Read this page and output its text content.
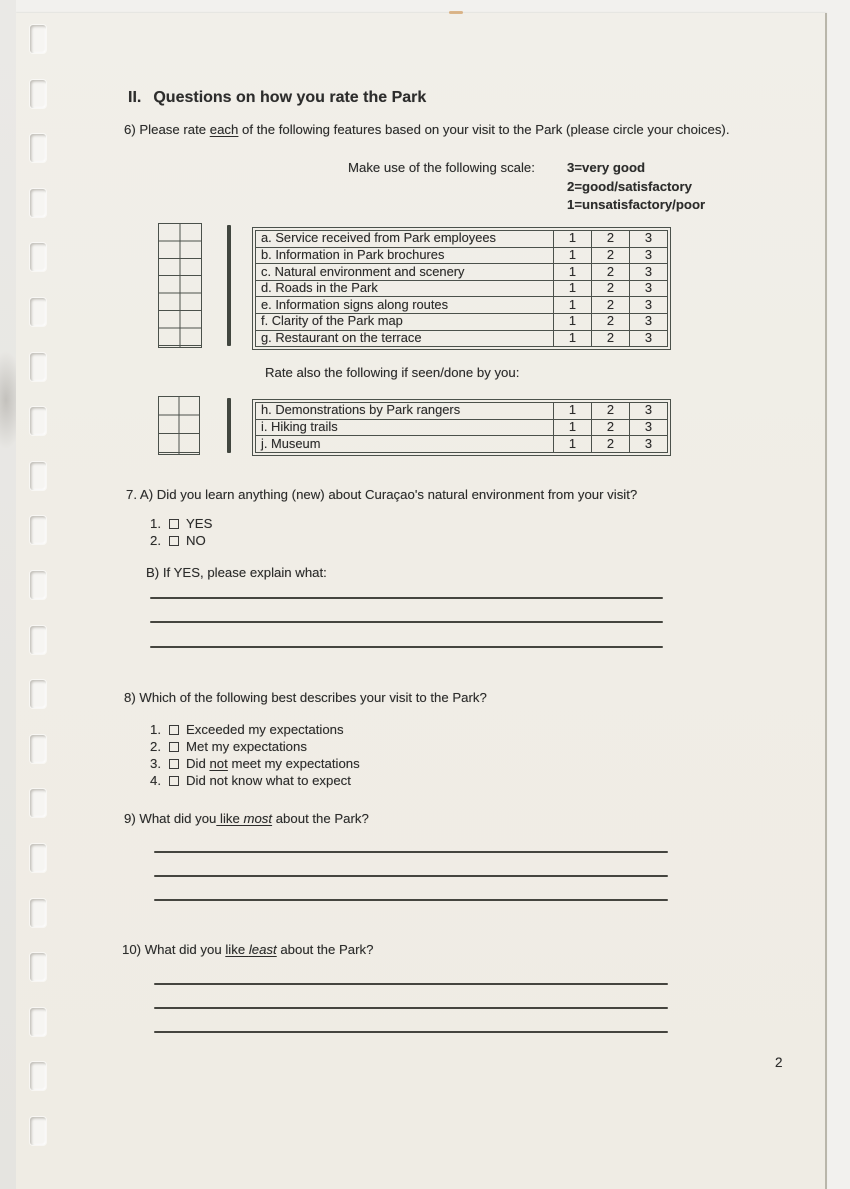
II. Questions on how you rate the Park
6) Please rate each of the following features based on your visit to the Park (please circle your choices).
Make use of the following scale: 3=very good
2=good/satisfactory
1=unsatisfactory/poor
a. Service received from Park employees	1	2	3
b. Information in Park brochures	1	2	3
c. Natural environment and scenery	1	2	3
d. Roads in the Park	1	2	3
e. Information signs along routes	1	2	3
f. Clarity of the Park map	1	2	3
g. Restaurant on the terrace	1	2	3
Rate also the following if seen/done by you:
h. Demonstrations by Park rangers	1	2	3
i. Hiking trails	1	2	3
j. Museum	1	2	3
7. A) Did you learn anything (new) about Curaçao's natural environment from your visit?
1. YES
2. NO
B) If YES, please explain what:
8) Which of the following best describes your visit to the Park?
1. Exceeded my expectations
2. Met my expectations
3. Did not meet my expectations
4. Did not know what to expect
9) What did you like most about the Park?
10) What did you like least about the Park?
2
